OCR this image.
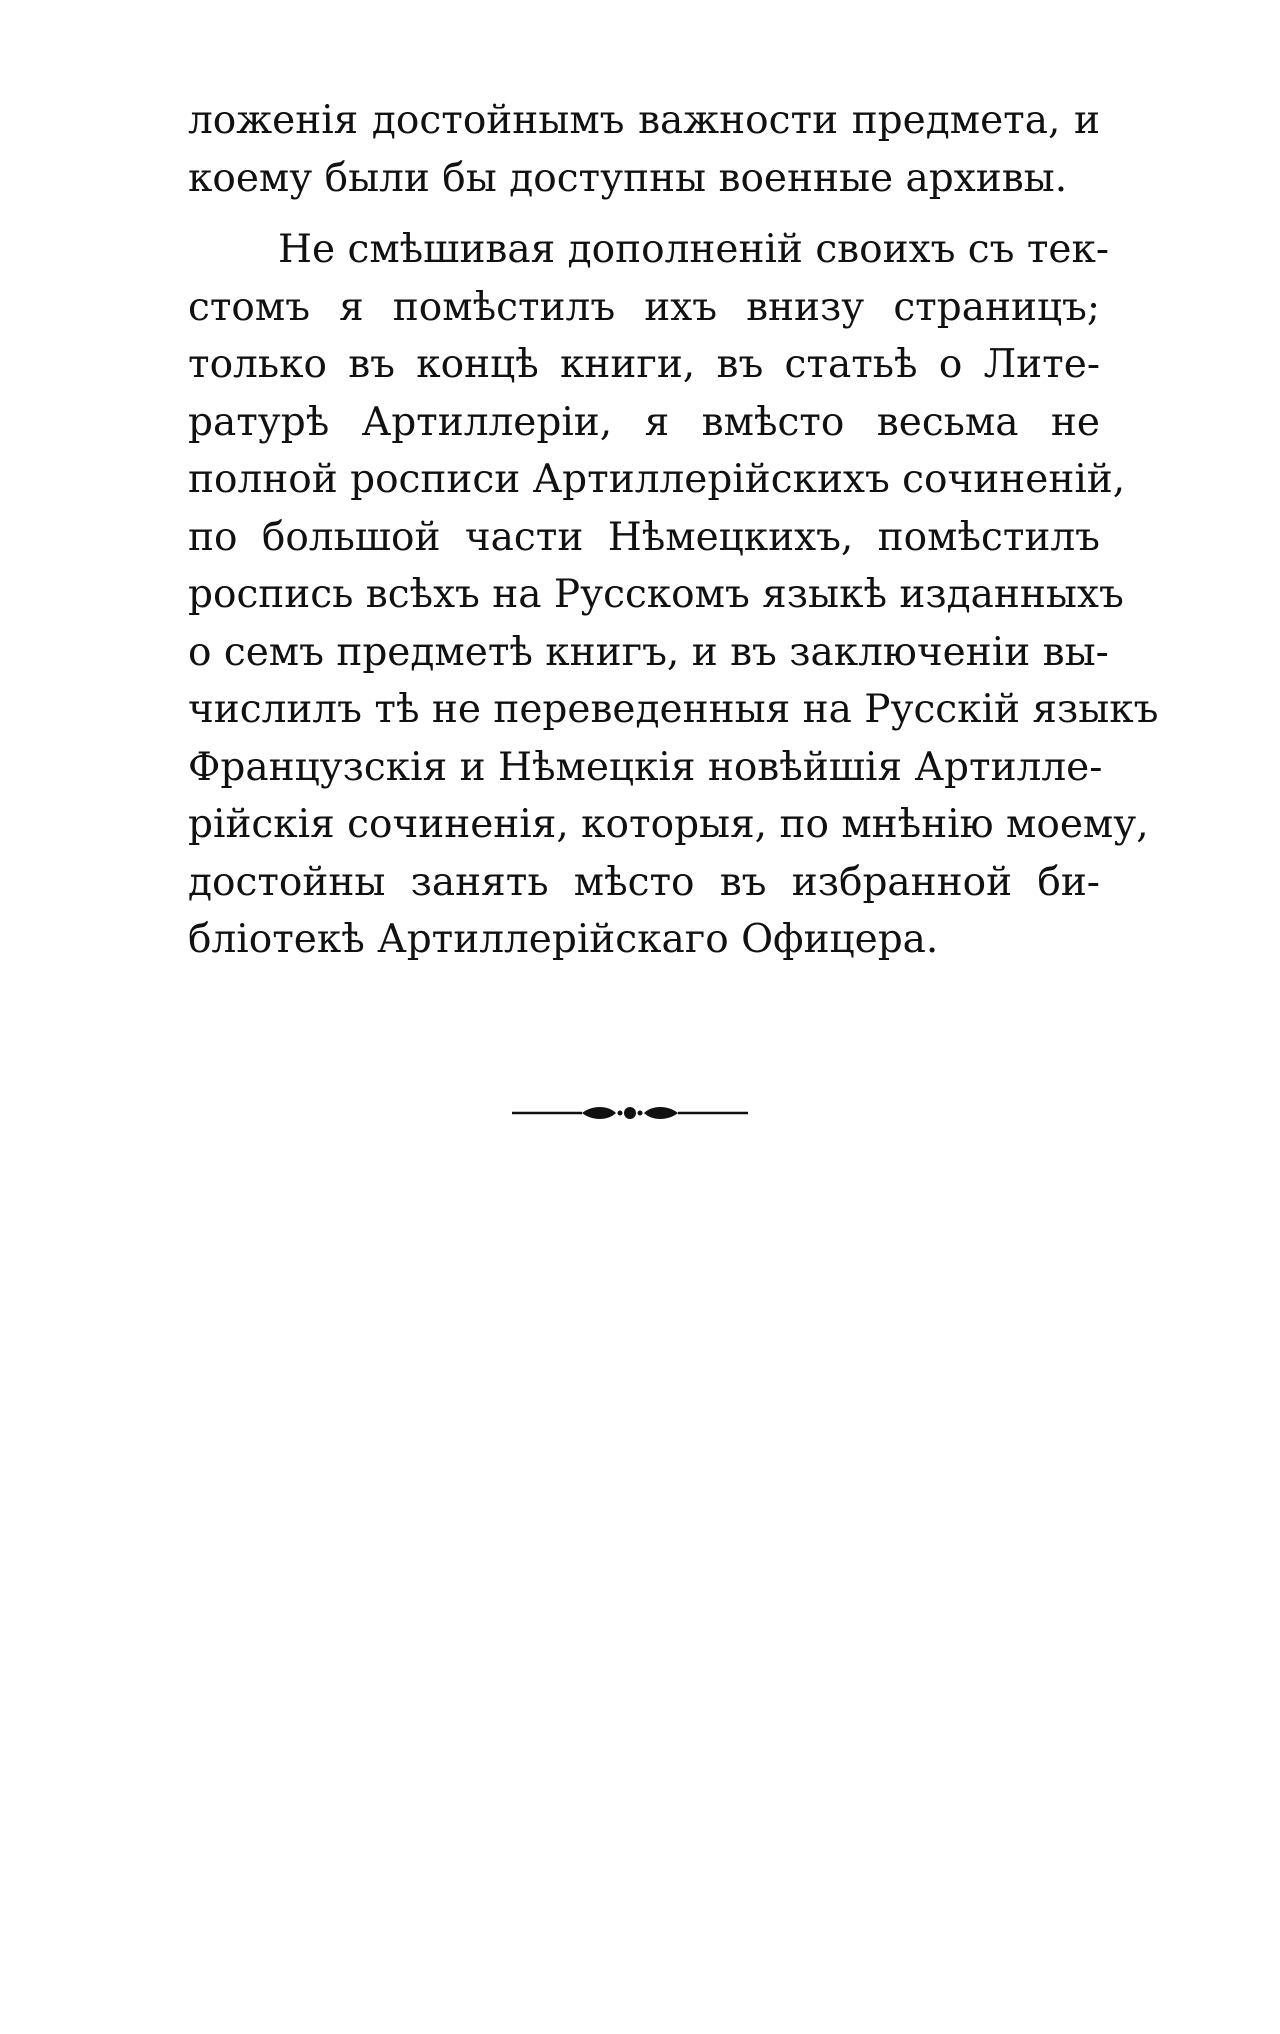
ложенія достойнымъ важности предмета, и
коему были бы доступны военные архивы.
Не смѣшивая дополненій своихъ съ тек-
стомъ я помѣстилъ ихъ внизу страницъ;
только въ концѣ книги, въ статьѣ о Лите-
ратурѣ Артиллеріи, я вмѣсто весьма не
полной росписи Артиллерійскихъ сочиненій,
по большой части Нѣмецкихъ, помѣстилъ
роспись всѣхъ на Русскомъ языкѣ изданныхъ
о семъ предметѣ книгъ, и въ заключеніи вы-
числилъ тѣ не переведенныя на Русскій языкъ
Французскія и Нѣмецкія новѣйшія Артилле-
рійскія сочиненія, которыя, по мнѣнію моему,
достойны занять мѣсто въ избранной би-
бліотекѣ Артиллерійскаго Офицера.
